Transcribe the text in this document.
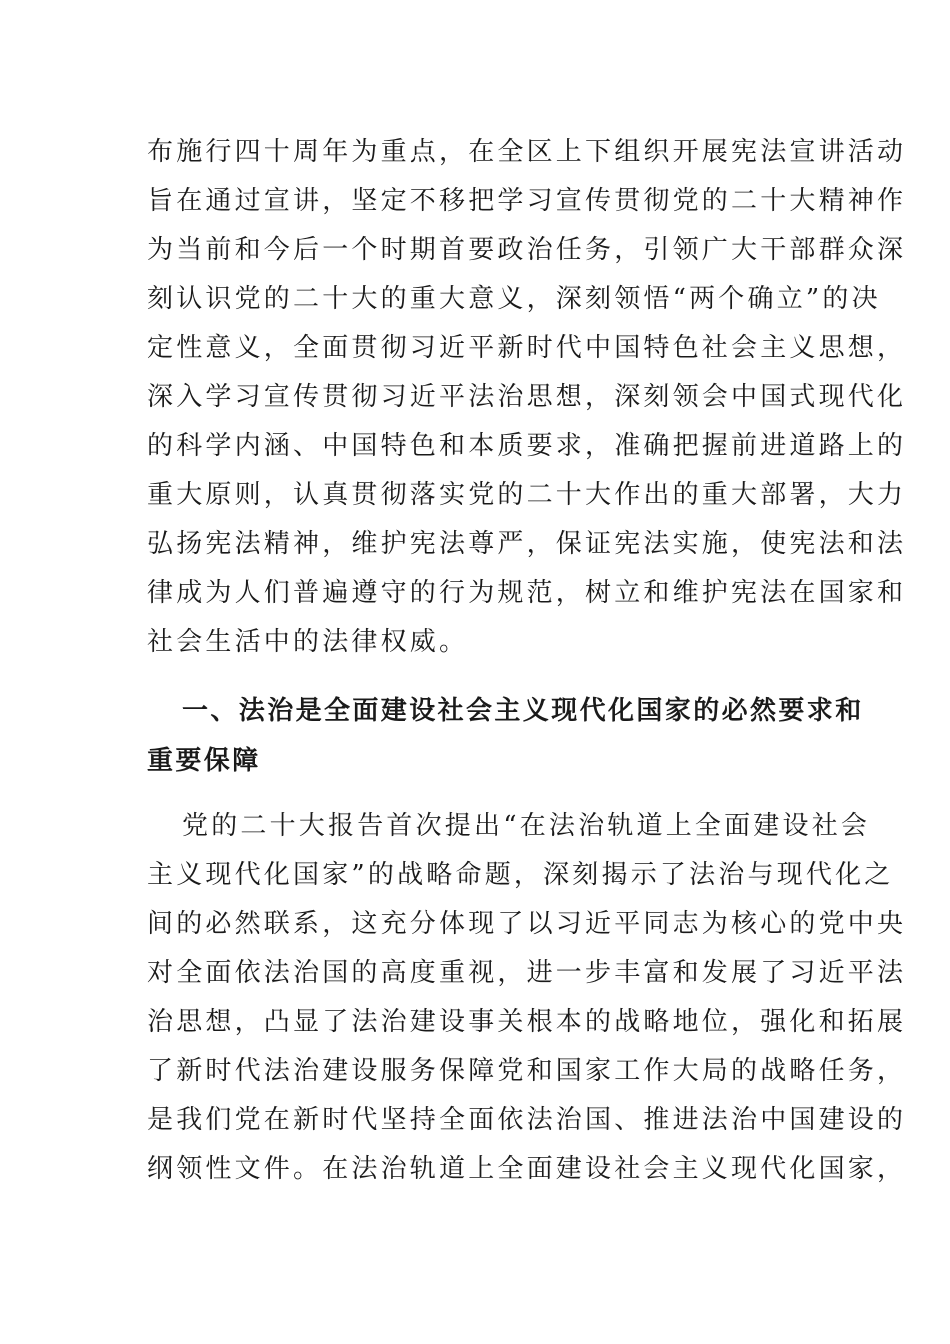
布施行四十周年为重点，在全区上下组织开展宪法宣讲活动
旨在通过宣讲，坚定不移把学习宣传贯彻党的二十大精神作
为当前和今后一个时期首要政治任务，引领广大干部群众深
刻认识党的二十大的重大意义，深刻领悟“两个确立”的决
定性意义，全面贯彻习近平新时代中国特色社会主义思想，
深入学习宣传贯彻习近平法治思想，深刻领会中国式现代化
的科学内涵、中国特色和本质要求，准确把握前进道路上的
重大原则，认真贯彻落实党的二十大作出的重大部署，大力
弘扬宪法精神，维护宪法尊严，保证宪法实施，使宪法和法
律成为人们普遍遵守的行为规范，树立和维护宪法在国家和
社会生活中的法律权威。
一、法治是全面建设社会主义现代化国家的必然要求和
重要保障
党的二十大报告首次提出“在法治轨道上全面建设社会
主义现代化国家”的战略命题，深刻揭示了法治与现代化之
间的必然联系，这充分体现了以习近平同志为核心的党中央
对全面依法治国的高度重视，进一步丰富和发展了习近平法
治思想，凸显了法治建设事关根本的战略地位，强化和拓展
了新时代法治建设服务保障党和国家工作大局的战略任务，
是我们党在新时代坚持全面依法治国、推进法治中国建设的
纲领性文件。在法治轨道上全面建设社会主义现代化国家，
